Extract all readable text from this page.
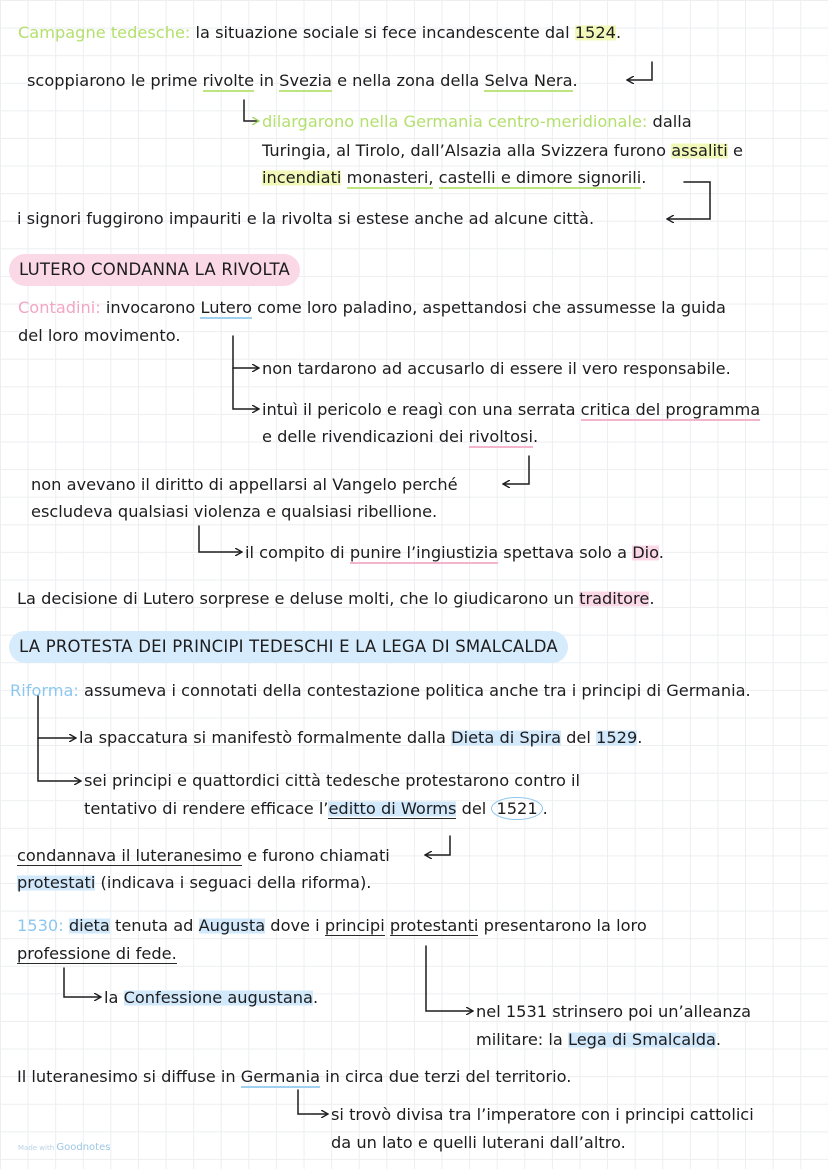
Campagne tedesche: la situazione sociale si fece incandescente dal 1524.
scoppiarono le prime rivolte in Svezia e nella zona della Selva Nera.
dilargarono nella Germania centro-meridionale: dalla
Turingia, al Tirolo, dall’Alsazia alla Svizzera furono assaliti e
incendiati monasteri, castelli e dimore signorili.
i signori fuggirono impauriti e la rivolta si estese anche ad alcune città.
LUTERO CONDANNA LA RIVOLTA
Contadini: invocarono Lutero come loro paladino, aspettandosi che assumesse la guida
del loro movimento.
non tardarono ad accusarlo di essere il vero responsabile.
intuì il pericolo e reagì con una serrata critica del programma
e delle rivendicazioni dei rivoltosi.
non avevano il diritto di appellarsi al Vangelo perché
escludeva qualsiasi violenza e qualsiasi ribellione.
il compito di punire l’ingiustizia spettava solo a Dio.
La decisione di Lutero sorprese e deluse molti, che lo giudicarono un traditore.
LA PROTESTA DEI PRINCIPI TEDESCHI E LA LEGA DI SMALCALDA
Riforma: assumeva i connotati della contestazione politica anche tra i principi di Germania.
la spaccatura si manifestò formalmente dalla Dieta di Spira del 1529.
sei principi e quattordici città tedesche protestarono contro il
tentativo di rendere efficace l’editto di Worms del 1521 .
condannava il luteranesimo e furono chiamati
protestati (indicava i seguaci della riforma).
1530: dieta tenuta ad Augusta dove i principi protestanti presentarono la loro
professione di fede.
la Confessione augustana.
nel 1531 strinsero poi un’alleanza
militare: la Lega di Smalcalda.
Il luteranesimo si diffuse in Germania in circa due terzi del territorio.
si trovò divisa tra l’imperatore con i principi cattolici
da un lato e quelli luterani dall’altro.
Made with Goodnotes
